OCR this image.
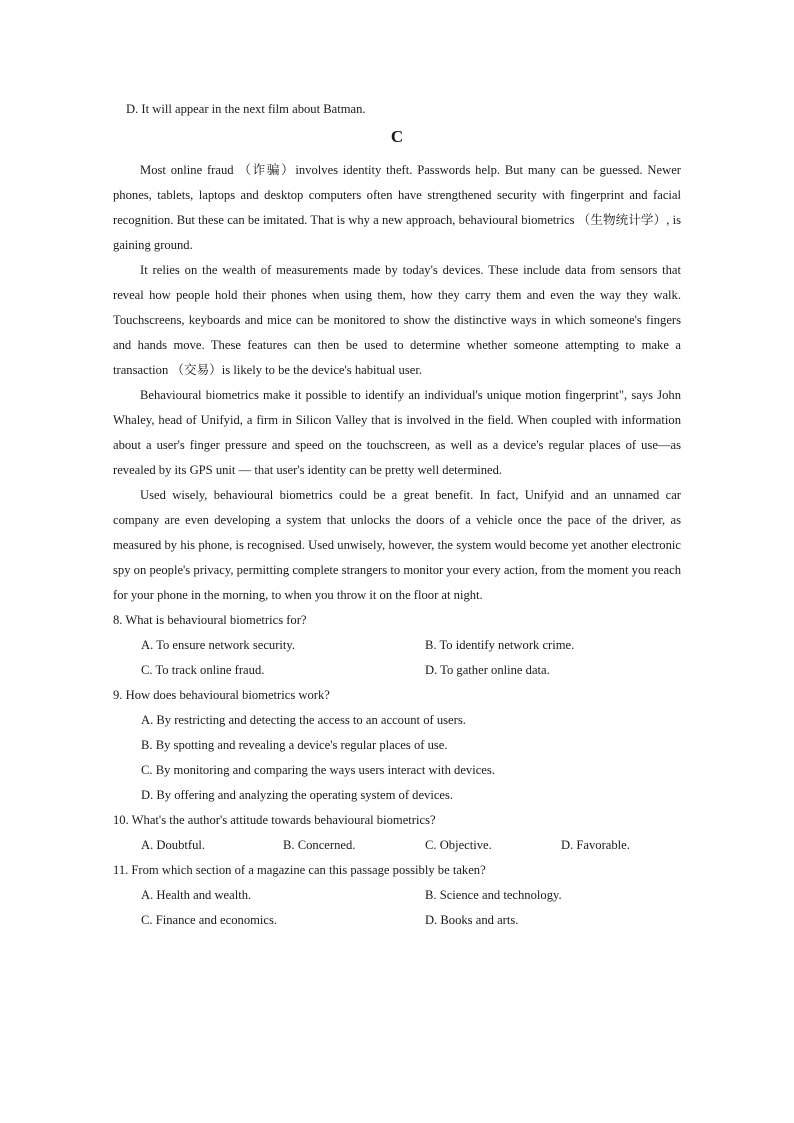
D. It will appear in the next film about Batman.
C

Most online fraud （诈骗）involves identity theft. Passwords help. But many can be guessed. Newer phones, tablets, laptops and desktop computers often have strengthened security with fingerprint and facial recognition. But these can be imitated. That is why a new approach, behavioural biometrics （生物统计学）, is gaining ground.

It relies on the wealth of measurements made by today's devices. These include data from sensors that reveal how people hold their phones when using them, how they carry them and even the way they walk. Touchscreens, keyboards and mice can be monitored to show the distinctive ways in which someone's fingers and hands move. These features can then be used to determine whether someone attempting to make a transaction （交易）is likely to be the device's habitual user.

Behavioural biometrics make it possible to identify an individual's unique motion fingerprint", says John Whaley, head of Unifyid, a firm in Silicon Valley that is involved in the field. When coupled with information about a user's finger pressure and speed on the touchscreen, as well as a device's regular places of use—as revealed by its GPS unit — that user's identity can be pretty well determined.

Used wisely, behavioural biometrics could be a great benefit. In fact, Unifyid and an unnamed car company are even developing a system that unlocks the doors of a vehicle once the pace of the driver, as measured by his phone, is recognised. Used unwisely, however, the system would become yet another electronic spy on people's privacy, permitting complete strangers to monitor your every action, from the moment you reach for your phone in the morning, to when you throw it on the floor at night.

8. What is behavioural biometrics for?
A. To ensure network security.	B. To identify network crime.
C. To track online fraud.	D. To gather online data.
9. How does behavioural biometrics work?
A. By restricting and detecting the access to an account of users.
B. By spotting and revealing a device's regular places of use.
C. By monitoring and comparing the ways users interact with devices.
D. By offering and analyzing the operating system of devices.
10. What's the author's attitude towards behavioural biometrics?
A. Doubtful.	B. Concerned.	C. Objective.	D. Favorable.
11. From which section of a magazine can this passage possibly be taken?
A. Health and wealth.	B. Science and technology.
C. Finance and economics.	D. Books and arts.
